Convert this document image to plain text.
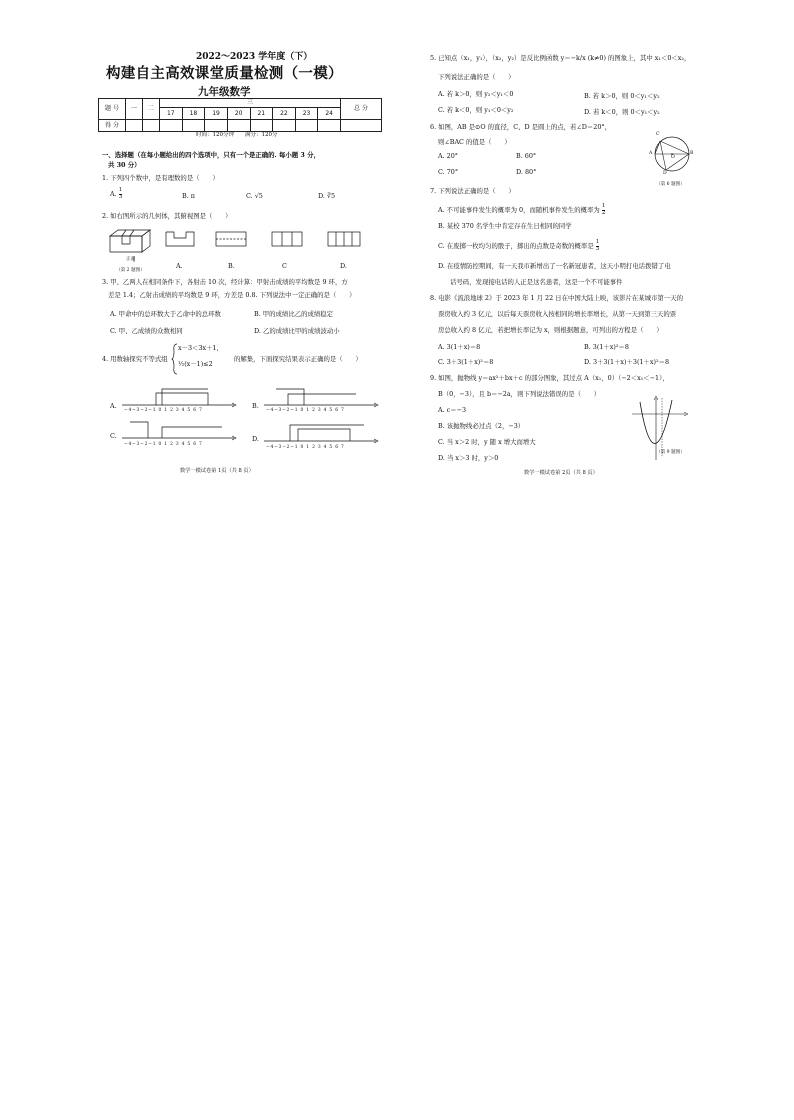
2022～2023 学年度（下）
构建自主高效课堂质量检测（一模）
九年级数学
题 号	一	二	三								总 分
			17	18	19	20	21	22	23	24	
得 分											
时间：120分钟　　满分：120分
一、选择题（在每小题给出的四个选项中，只有一个是正确的. 每小题 3 分，
共 30 分）
1. 下列四个数中，是有理数的是（　　）
A. $\frac{1}{3}$	B. π	C. √5	D. ∛5
2. 如右图所示的几何体，其俯视图是（　　）
正面
（第 2 题图）
A.	B.	C	D.
3. 甲、乙两人在相同条件下，各射击 10 次，经计算：甲射击成绩的平均数是 9 环，方
差是 1.4；乙射击成绩的平均数是 9 环，方差是 0.8. 下列说法中一定正确的是（　　）
A. 甲命中的总环数大于乙命中的总环数	B. 甲的成绩比乙的成绩稳定
C. 甲、乙成绩的众数相同	D. 乙的成绩比甲的成绩波动小
4. 用数轴探究不等式组
x－3＜3x＋1,
½(x－1)≤2
的解集，下面探究结果表示正确的是（　　）
A.	B.
C.	D.
−4−3−2−1 0 1 2 3 4 5 6 7	−4−3−2−1 0 1 2 3 4 5 6 7
−4−3−2−1 0 1 2 3 4 5 6 7
−4−3−2−1 0 1 2 3 4 5 6 7
数学一模试卷第 1页（共 8 页）
5. 已知点（x₁，y₁），（x₂，y₂）是反比例函数 y＝−k/x (k≠0) 的图象上，其中 x₁＜0＜x₂，
下列说法正确的是（　　）
A. 若 k＞0，则 y₂＜y₁＜0	B. 若 k＞0，则 0＜y₁＜y₂
C. 若 k＜0，则 y₁＜0＜y₂	D. 若 k＜0，则 0＜y₁＜y₂
6. 如图，AB 是⊙O 的直径，C、D 是圆上的点，若∠D＝20°，
则∠BAC 的值是（　　）
A. 20°	B. 60°
C. 70°	D. 80°
C
A
O
B
D
（第 6 题图）
7. 下列说法正确的是（　　）
A. 不可能事件发生的概率为 0，而随机事件发生的概率为 $\frac{1}{2}$
B. 某校 370 名学生中肯定存在生日相同的同学
C. 在废掷一枚均匀的骰子，掷出的点数是奇数的概率是 $\frac{1}{3}$
D. 在疫情防控期间，有一天我市新增出了一名新冠患者，这天小明打电话拨错了电
话号码，发现接电话的人正是这名患者，这是一个不可能事件
8. 电影《流浪地球 2》于 2023 年 1 月 22 日在中国大陆上映，该影片在某城市第一天的
票房收入约 3 亿元，以后每天票房收入按相同的增长率增长，从第一天到第三天的票
房总收入约 8 亿元，若把增长率记为 x，则根据题意，可列出的方程是（　　）
A. 3(1＋x)＝8	B. 3(1＋x)²＝8
C. 3＋3(1＋x)²＝8	D. 3＋3(1＋x)＋3(1＋x)²＝8
9. 如图，抛物线 y＝ax²＋bx＋c 的部分图象，其过点 A（x₁，0）（−2＜x₁＜−1），
B（0，−3），且 b＝−2a，则下列说法错误的是（　　）
A. c＝−3
B. 该抛物线必过点（2，−3）
C. 当 x＞2 时，y 随 x 增大而增大
D. 当 x＞3 时，y＞0
（第 9 题图）
数学一模试卷第 2页（共 8 页）
